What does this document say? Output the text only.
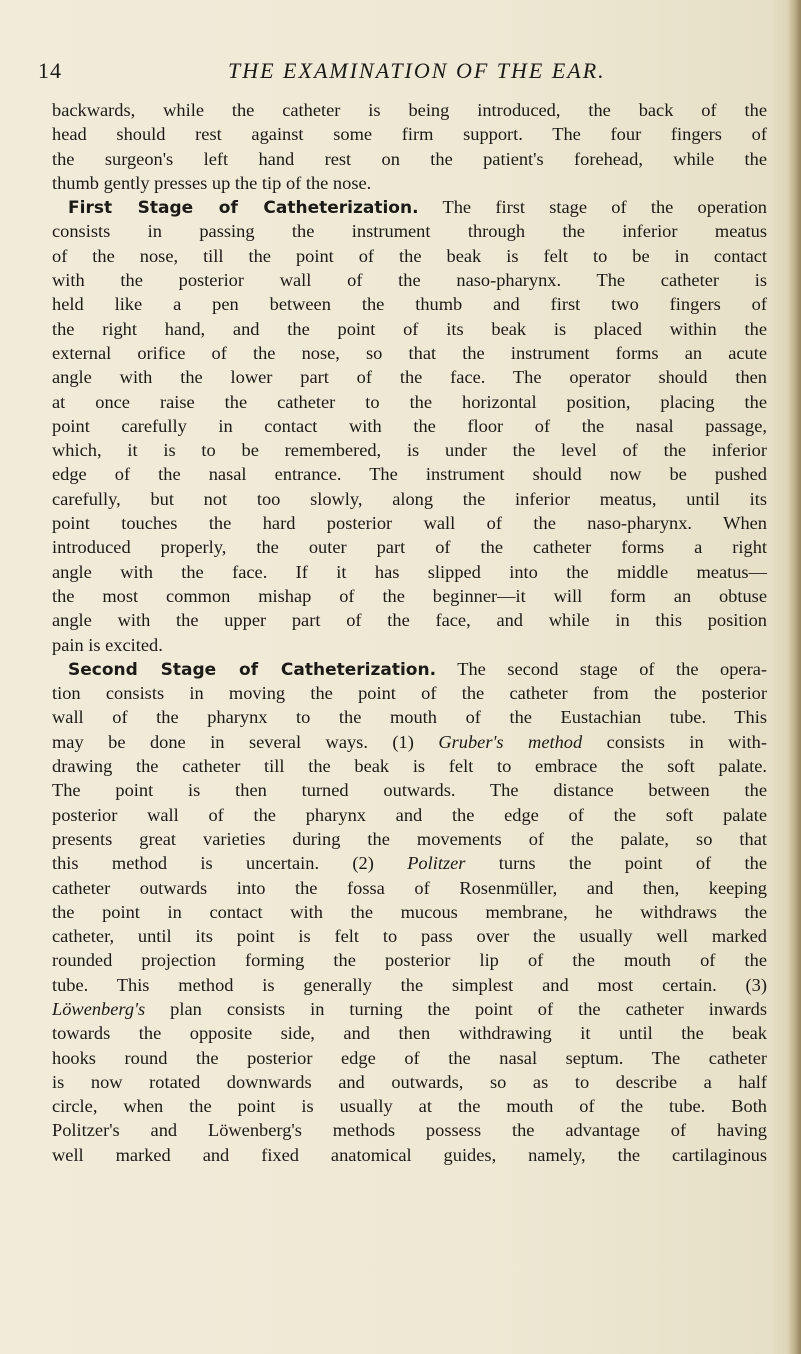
14	THE EXAMINATION OF THE EAR.
backwards, while the catheter is being introduced, the back of the
head should rest against some firm support. The four fingers of
the surgeon's left hand rest on the patient's forehead, while the
thumb gently presses up the tip of the nose.
First Stage of Catheterization. The first stage of the operation
consists in passing the instrument through the inferior meatus
of the nose, till the point of the beak is felt to be in contact
with the posterior wall of the naso-pharynx. The catheter is
held like a pen between the thumb and first two fingers of
the right hand, and the point of its beak is placed within the
external orifice of the nose, so that the instrument forms an acute
angle with the lower part of the face. The operator should then
at once raise the catheter to the horizontal position, placing the
point carefully in contact with the floor of the nasal passage,
which, it is to be remembered, is under the level of the inferior
edge of the nasal entrance. The instrument should now be pushed
carefully, but not too slowly, along the inferior meatus, until its
point touches the hard posterior wall of the naso-pharynx. When
introduced properly, the outer part of the catheter forms a right
angle with the face. If it has slipped into the middle meatus—
the most common mishap of the beginner—it will form an obtuse
angle with the upper part of the face, and while in this position
pain is excited.
Second Stage of Catheterization. The second stage of the opera-
tion consists in moving the point of the catheter from the posterior
wall of the pharynx to the mouth of the Eustachian tube. This
may be done in several ways. (1) Gruber's method consists in with-
drawing the catheter till the beak is felt to embrace the soft palate.
The point is then turned outwards. The distance between the
posterior wall of the pharynx and the edge of the soft palate
presents great varieties during the movements of the palate, so that
this method is uncertain. (2) Politzer turns the point of the
catheter outwards into the fossa of Rosenmüller, and then, keeping
the point in contact with the mucous membrane, he withdraws the
catheter, until its point is felt to pass over the usually well marked
rounded projection forming the posterior lip of the mouth of the
tube. This method is generally the simplest and most certain. (3)
Löwenberg's plan consists in turning the point of the catheter inwards
towards the opposite side, and then withdrawing it until the beak
hooks round the posterior edge of the nasal septum. The catheter
is now rotated downwards and outwards, so as to describe a half
circle, when the point is usually at the mouth of the tube. Both
Politzer's and Löwenberg's methods possess the advantage of having
well marked and fixed anatomical guides, namely, the cartilaginous
